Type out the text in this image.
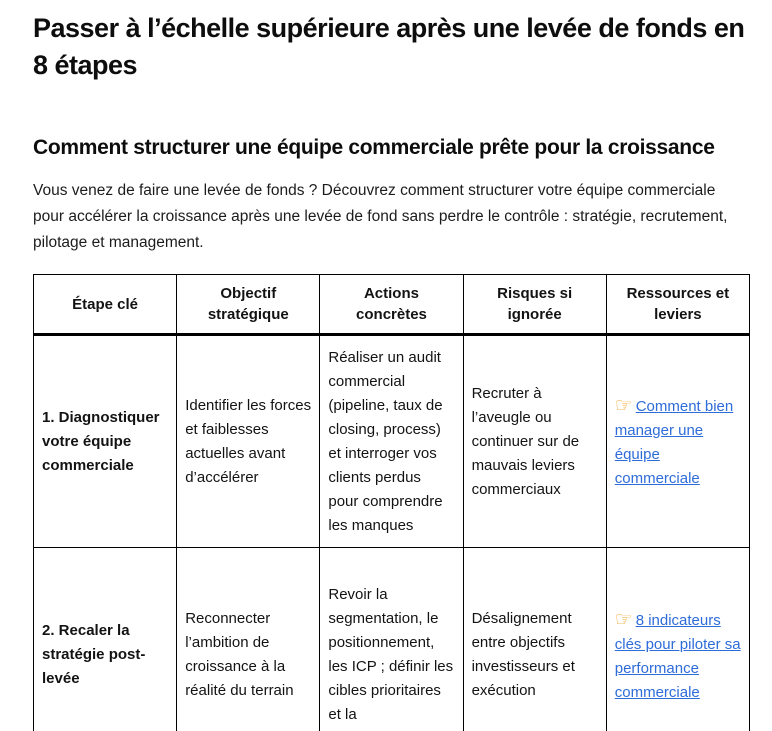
Passer à l’échelle supérieure après une levée de fonds en 8 étapes
Comment structurer une équipe commerciale prête pour la croissance

Vous venez de faire une levée de fonds ? Découvrez comment structurer votre équipe commerciale pour accélérer la croissance après une levée de fond sans perdre le contrôle : stratégie, recrutement, pilotage et management.

Étape clé	Objectif stratégique	Actions concrètes	Risques si ignorée	Ressources et leviers
1. Diagnostiquer votre équipe commerciale	Identifier les forces et faiblesses actuelles avant d’accélérer	Réaliser un audit commercial (pipeline, taux de closing, process) et interroger vos clients perdus pour comprendre les manques	Recruter à l’aveugle ou continuer sur de mauvais leviers commerciaux	☞ Comment bien manager une équipe commerciale
2. Recaler la stratégie post-levée	Reconnecter l’ambition de croissance à la réalité du terrain	Revoir la segmentation, le positionnement, les ICP ; définir les cibles prioritaires et la	Désalignement entre objectifs investisseurs et exécution	☞ 8 indicateurs clés pour piloter sa performance commerciale
